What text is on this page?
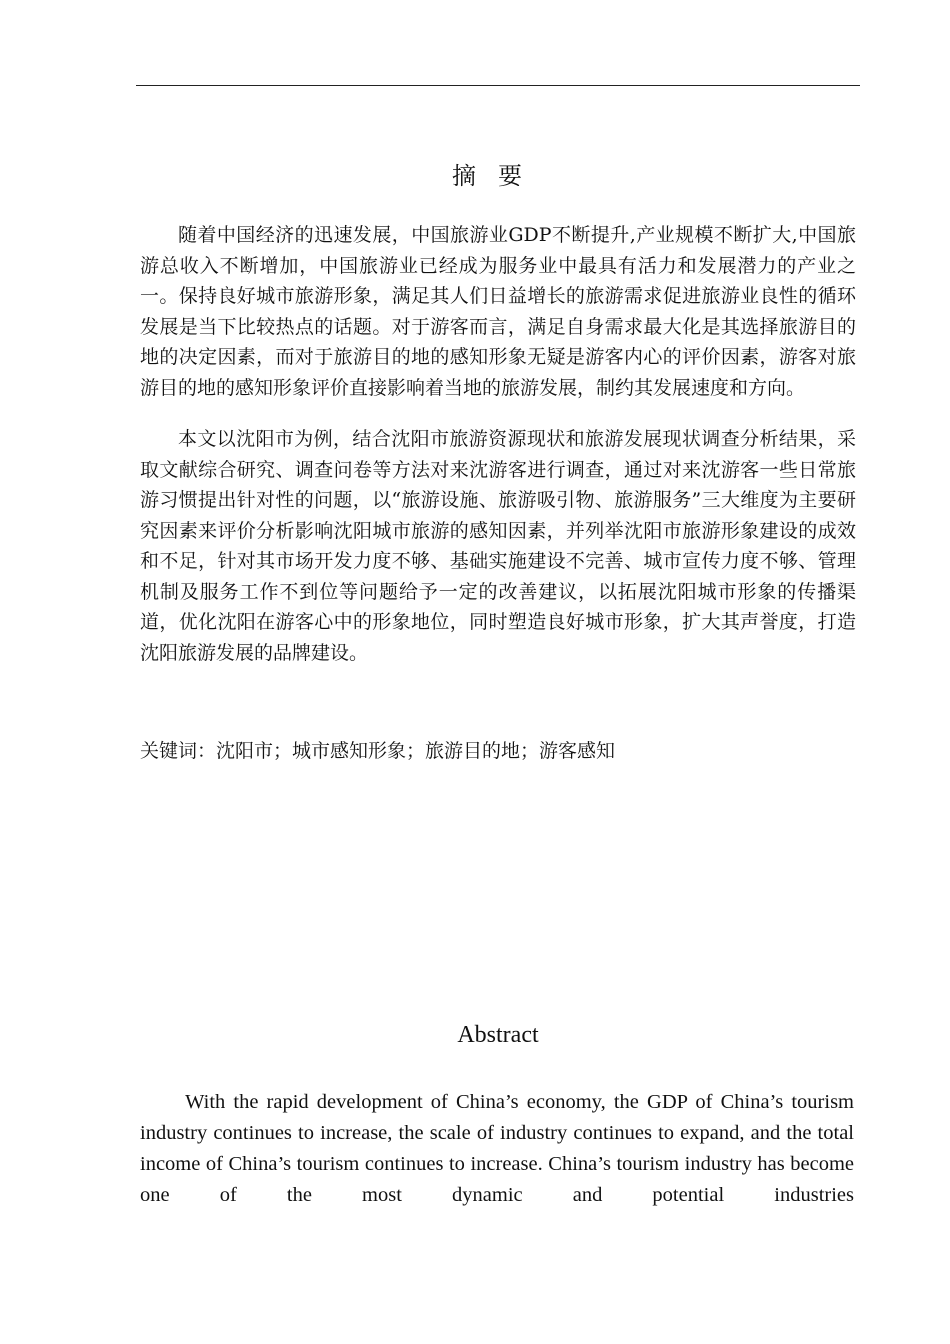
摘要

随着中国经济的迅速发展，中国旅游业GDP不断提升,产业规模不断扩大,中国旅游总收入不断增加，中国旅游业已经成为服务业中最具有活力和发展潜力的产业之一。保持良好城市旅游形象，满足其人们日益增长的旅游需求促进旅游业良性的循环发展是当下比较热点的话题。对于游客而言，满足自身需求最大化是其选择旅游目的地的决定因素，而对于旅游目的地的感知形象无疑是游客内心的评价因素，游客对旅游目的地的感知形象评价直接影响着当地的旅游发展，制约其发展速度和方向。

本文以沈阳市为例，结合沈阳市旅游资源现状和旅游发展现状调查分析结果，采取文献综合研究、调查问卷等方法对来沈游客进行调查，通过对来沈游客一些日常旅游习惯提出针对性的问题，以“旅游设施、旅游吸引物、旅游服务”三大维度为主要研究因素来评价分析影响沈阳城市旅游的感知因素，并列举沈阳市旅游形象建设的成效和不足，针对其市场开发力度不够、基础实施建设不完善、城市宣传力度不够、管理机制及服务工作不到位等问题给予一定的改善建议，以拓展沈阳城市形象的传播渠道，优化沈阳在游客心中的形象地位，同时塑造良好城市形象，扩大其声誉度，打造沈阳旅游发展的品牌建设。

关键词：沈阳市；城市感知形象；旅游目的地；游客感知
Abstract

With the rapid development of China’s economy, the GDP of China’s tourism industry continues to increase, the scale of industry continues to expand, and the total income of China’s tourism continues to increase. China’s tourism industry has become one of the most dynamic and potential industries
